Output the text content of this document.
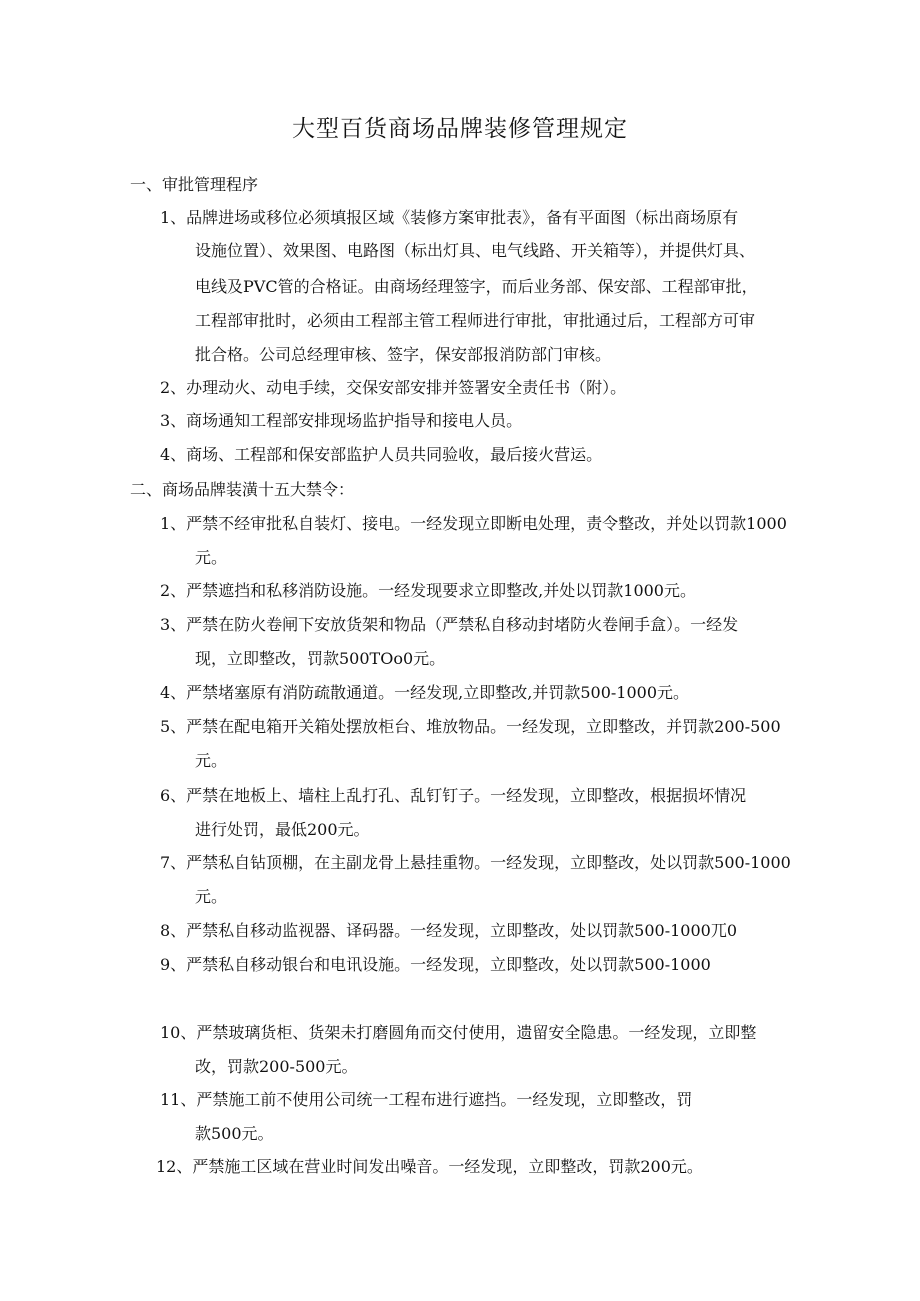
大型百货商场品牌装修管理规定

一、审批管理程序

1、品牌进场或移位必须填报区域《装修方案审批表》，备有平面图（标出商场原有

设施位置）、效果图、电路图（标出灯具、电气线路、开关箱等），并提供灯具、

电线及PVC管的合格证。由商场经理签字，而后业务部、保安部、工程部审批，

工程部审批时，必须由工程部主管工程师进行审批，审批通过后，工程部方可审

批合格。公司总经理审核、签字，保安部报消防部门审核。

2、办理动火、动电手续，交保安部安排并签署安全责任书（附）。

3、商场通知工程部安排现场监护指导和接电人员。

4、商场、工程部和保安部监护人员共同验收，最后接火营运。

二、商场品牌装潢十五大禁令：

1、严禁不经审批私自装灯、接电。一经发现立即断电处理，责令整改，并处以罚款1000

元。

2、严禁遮挡和私移消防设施。一经发现要求立即整改,并处以罚款1000元。

3、严禁在防火卷闸下安放货架和物品（严禁私自移动封堵防火卷闸手盒）。一经发

现，立即整改，罚款500TOo0元。

4、严禁堵塞原有消防疏散通道。一经发现,立即整改,并罚款500-1000元。

5、严禁在配电箱开关箱处摆放柜台、堆放物品。一经发现，立即整改，并罚款200-500

元。

6、严禁在地板上、墙柱上乱打孔、乱钉钉子。一经发现，立即整改，根据损坏情况

进行处罚，最低200元。

7、严禁私自钻顶棚，在主副龙骨上悬挂重物。一经发现，立即整改，处以罚款500-1000

元。

8、严禁私自移动监视器、译码器。一经发现，立即整改，处以罚款500-1000兀0

9、严禁私自移动银台和电讯设施。一经发现，立即整改，处以罚款500-1000

10、严禁玻璃货柜、货架未打磨圆角而交付使用，遗留安全隐患。一经发现，立即整

改，罚款200-500元。

11、严禁施工前不使用公司统一工程布进行遮挡。一经发现，立即整改，罚

款500元。

12、严禁施工区域在营业时间发出噪音。一经发现，立即整改，罚款200元。
